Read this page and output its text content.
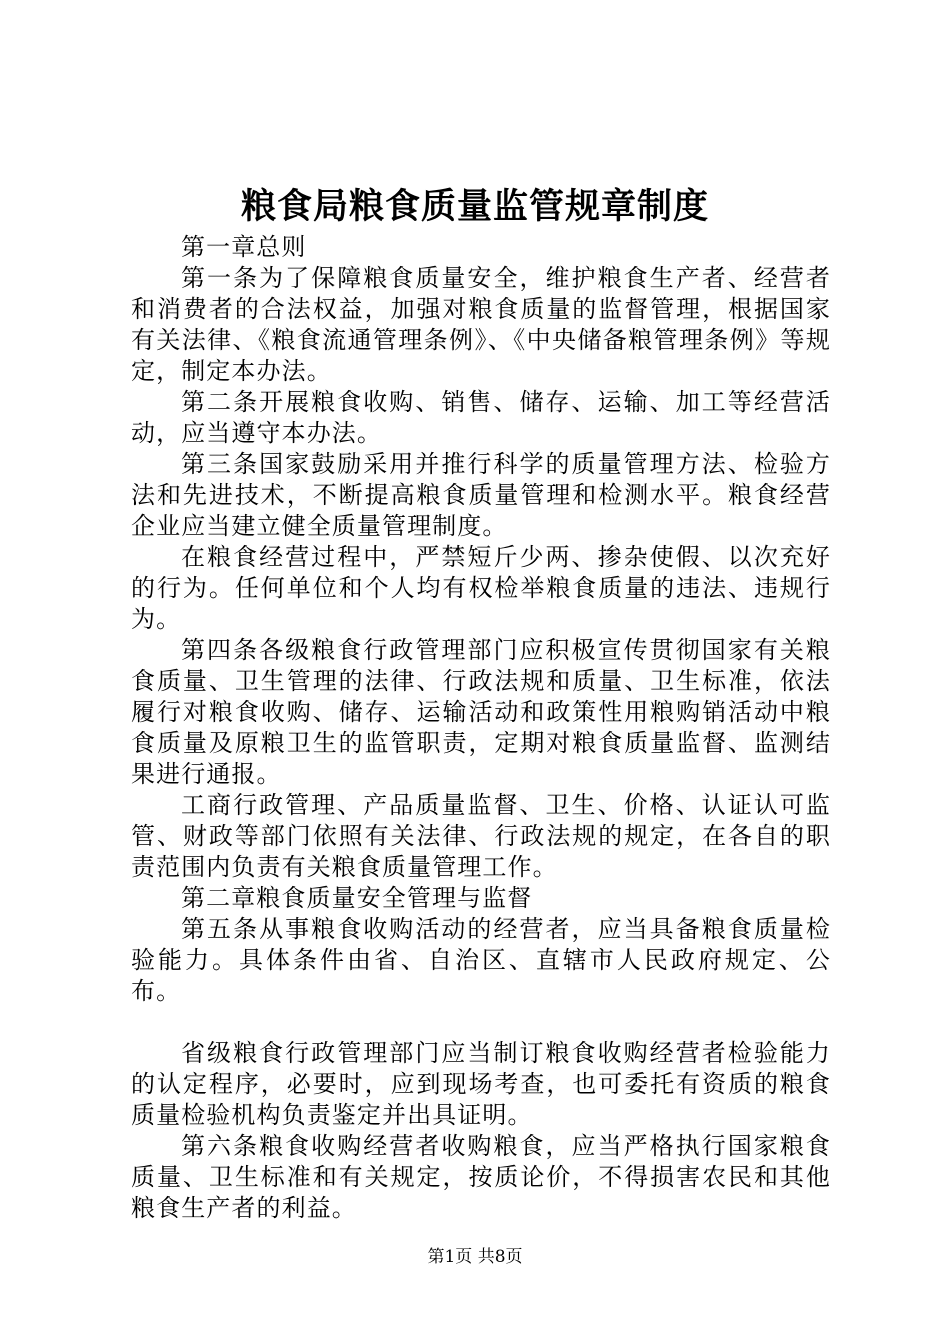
粮食局粮食质量监管规章制度

第一章总则

第一条为了保障粮食质量安全，维护粮食生产者、经营者和消费者的合法权益，加强对粮食质量的监督管理，根据国家有关法律、《粮食流通管理条例》、《中央储备粮管理条例》等规定，制定本办法。

第二条开展粮食收购、销售、储存、运输、加工等经营活动，应当遵守本办法。

第三条国家鼓励采用并推行科学的质量管理方法、检验方法和先进技术，不断提高粮食质量管理和检测水平。粮食经营企业应当建立健全质量管理制度。

在粮食经营过程中，严禁短斤少两、掺杂使假、以次充好的行为。任何单位和个人均有权检举粮食质量的违法、违规行为。

第四条各级粮食行政管理部门应积极宣传贯彻国家有关粮食质量、卫生管理的法律、行政法规和质量、卫生标准，依法履行对粮食收购、储存、运输活动和政策性用粮购销活动中粮食质量及原粮卫生的监管职责，定期对粮食质量监督、监测结果进行通报。

工商行政管理、产品质量监督、卫生、价格、认证认可监管、财政等部门依照有关法律、行政法规的规定，在各自的职责范围内负责有关粮食质量管理工作。

第二章粮食质量安全管理与监督

第五条从事粮食收购活动的经营者，应当具备粮食质量检验能力。具体条件由省、自治区、直辖市人民政府规定、公布。

省级粮食行政管理部门应当制订粮食收购经营者检验能力的认定程序，必要时，应到现场考查，也可委托有资质的粮食质量检验机构负责鉴定并出具证明。

第六条粮食收购经营者收购粮食，应当严格执行国家粮食质量、卫生标准和有关规定，按质论价，不得损害农民和其他粮食生产者的利益。

第1页 共8页
